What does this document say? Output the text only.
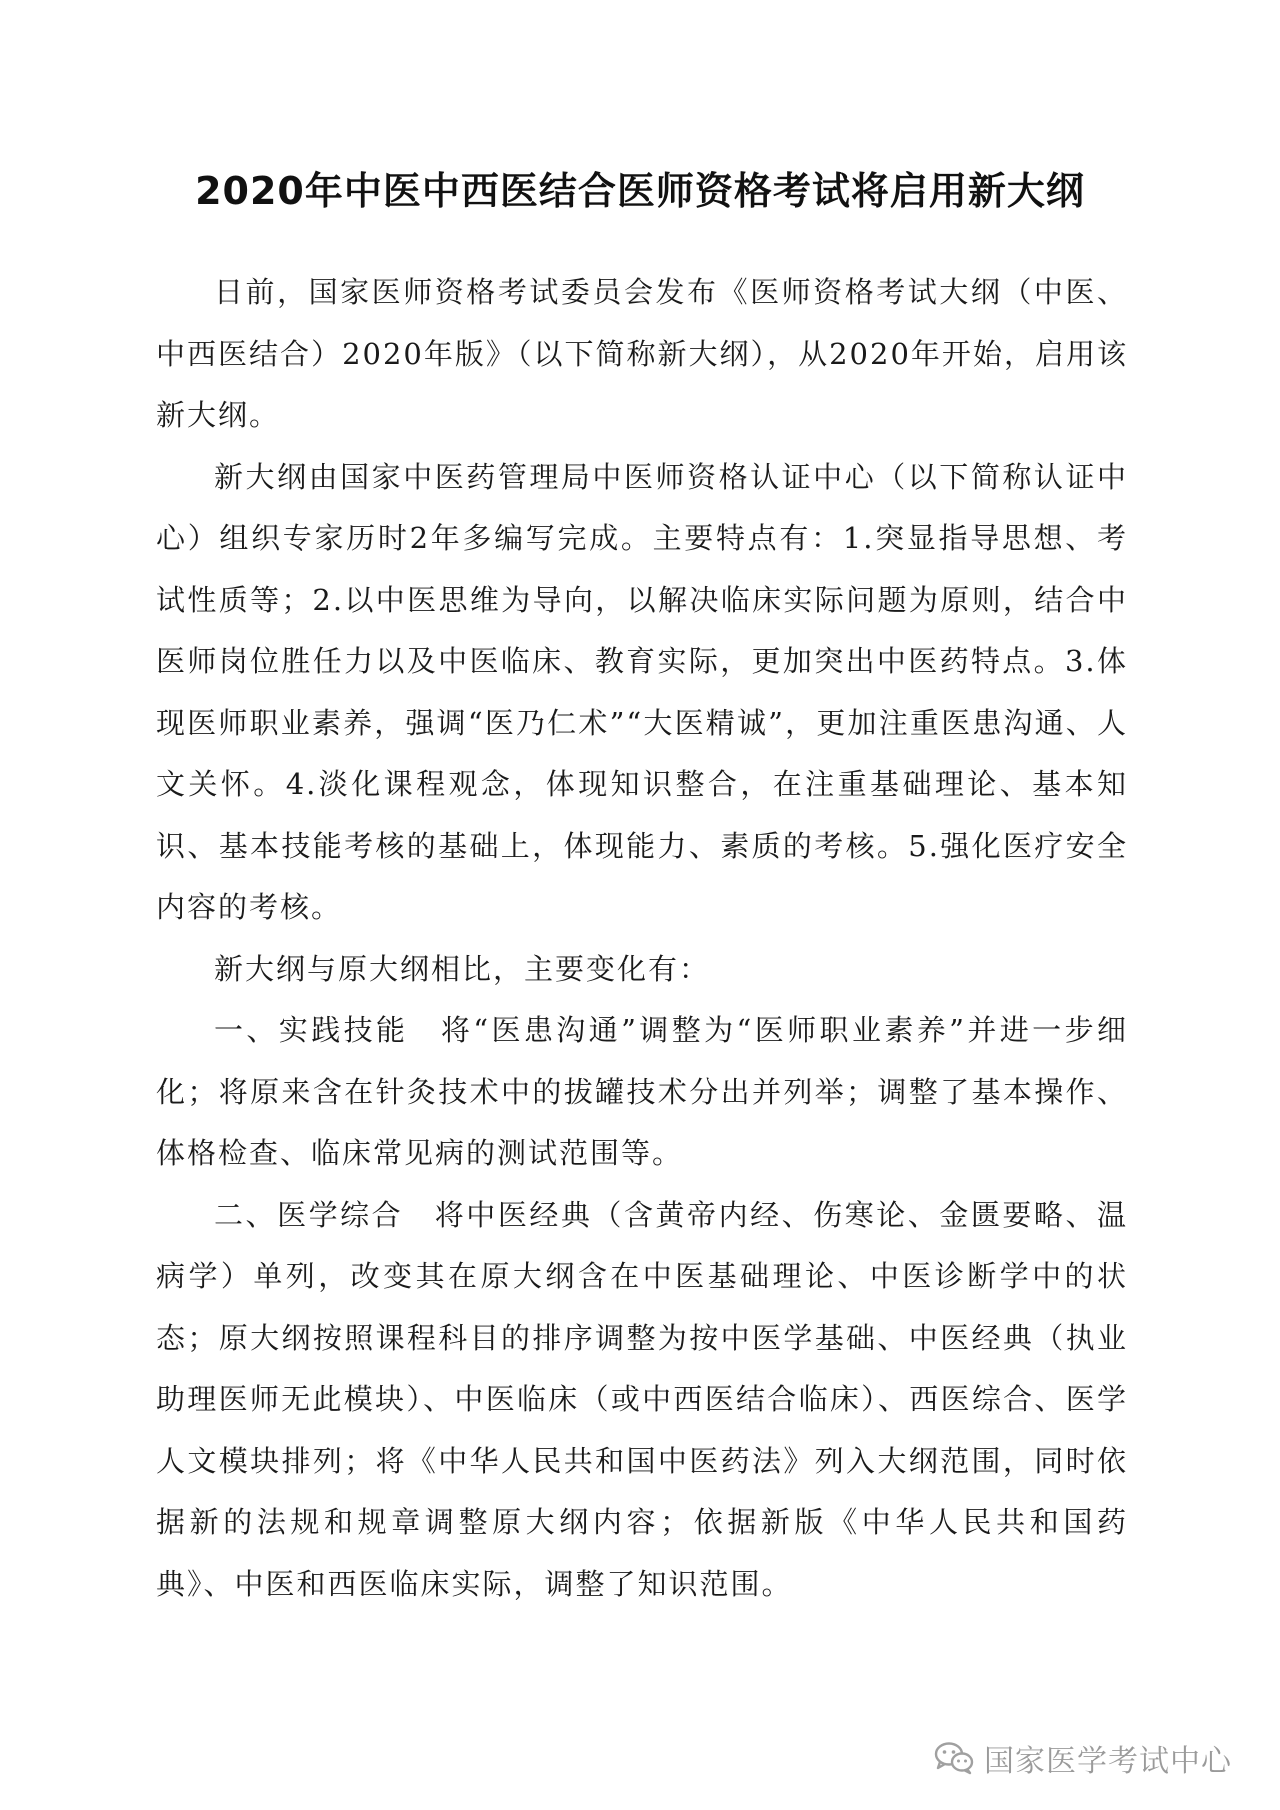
2020年中医中西医结合医师资格考试将启用新大纲

日前，国家医师资格考试委员会发布《医师资格考试大纲（中医、中西医结合）2020年版》（以下简称新大纲），从2020年开始，启用该新大纲。

新大纲由国家中医药管理局中医师资格认证中心（以下简称认证中心）组织专家历时2年多编写完成。主要特点有：1.突显指导思想、考试性质等；2.以中医思维为导向，以解决临床实际问题为原则，结合中医师岗位胜任力以及中医临床、教育实际，更加突出中医药特点。3.体现医师职业素养，强调“医乃仁术”“大医精诚”，更加注重医患沟通、人文关怀。4.淡化课程观念，体现知识整合，在注重基础理论、基本知识、基本技能考核的基础上，体现能力、素质的考核。5.强化医疗安全内容的考核。

新大纲与原大纲相比，主要变化有：

一、实践技能　将“医患沟通”调整为“医师职业素养”并进一步细化；将原来含在针灸技术中的拔罐技术分出并列举；调整了基本操作、体格检查、临床常见病的测试范围等。

二、医学综合　将中医经典（含黄帝内经、伤寒论、金匮要略、温病学）单列，改变其在原大纲含在中医基础理论、中医诊断学中的状态；原大纲按照课程科目的排序调整为按中医学基础、中医经典（执业助理医师无此模块）、中医临床（或中西医结合临床）、西医综合、医学人文模块排列；将《中华人民共和国中医药法》列入大纲范围，同时依据新的法规和规章调整原大纲内容；依据新版《中华人民共和国药典》、中医和西医临床实际，调整了知识范围。

国家医学考试中心
